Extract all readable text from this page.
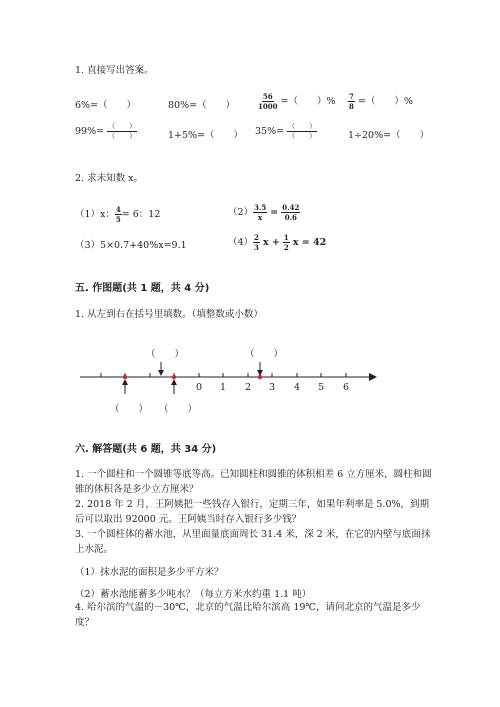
1. 直接写出答案。
6%=（　　）	80%=（　　）	$\frac{56}{1000}$ =（　　）% $\frac{7}{8}$ =（　　）%
$99\%= \frac{( )}{( )}$	1+5%=（　　） $35\%= \frac{( )}{( )}$	1÷20%=（　　）
2. 求未知数 x。
（1）x： $\frac{4}{5} = 6$：12	$(2) \frac{3.5}{x} = \frac{0.42}{0.6}$
（3）5×0.7+40%x=9.1	$(4) \frac{2}{3}$ $x + \frac{1}{2}$ x = 42
五. 作图题(共 1 题，共 4 分)
1. 从左到右在括号里填数。（填整数或小数）
0 1 2 3 4 5 6
（　　）	（　　）
（　　） （　　）
六. 解答题(共 6 题，共 34 分)
1. 一个圆柱和一个圆锥等底等高。已知圆柱和圆锥的体积相差 6 立方厘米，圆柱和圆锥的体积各是多少立方厘米？
2. 2018 年 2 月，王阿姨把一些钱存入银行，定期三年，如果年利率是 5.0%，到期后可以取出 92000 元。王阿姨当时存入银行多少钱？
3. 一个圆柱体的蓄水池，从里面量底面周长 31.4 米，深 2 米，在它的内壁与底面抹上水泥。
（1）抹水泥的面积是多少平方米？
（2）蓄水池能蓄多少吨水？（每立方米水约重 1.1 吨）
4. 哈尔滨的气温的－30℃，北京的气温比哈尔滨高 19℃，请问北京的气温是多少度？
